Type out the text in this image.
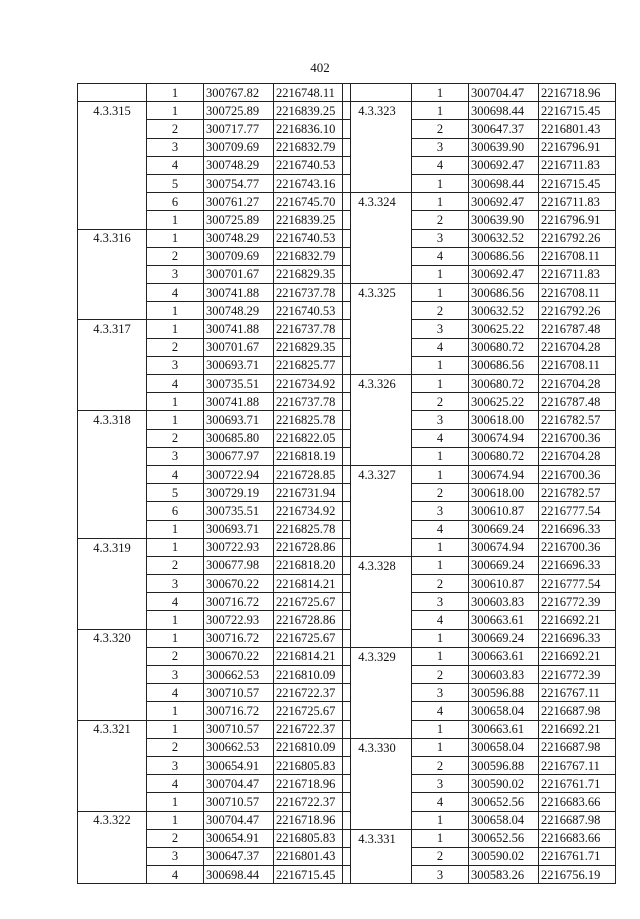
402
	1	300767.82	2216748.11
4.3.315	1	300725.89	2216839.25
	2	300717.77	2216836.10
	3	300709.69	2216832.79
	4	300748.29	2216740.53
	5	300754.77	2216743.16
	6	300761.27	2216745.70
	1	300725.89	2216839.25
4.3.316	1	300748.29	2216740.53
	2	300709.69	2216832.79
	3	300701.67	2216829.35
	4	300741.88	2216737.78
	1	300748.29	2216740.53
4.3.317	1	300741.88	2216737.78
	2	300701.67	2216829.35
	3	300693.71	2216825.77
	4	300735.51	2216734.92
	1	300741.88	2216737.78
4.3.318	1	300693.71	2216825.78
	2	300685.80	2216822.05
	3	300677.97	2216818.19
	4	300722.94	2216728.85
	5	300729.19	2216731.94
	6	300735.51	2216734.92
	1	300693.71	2216825.78
4.3.319	1	300722.93	2216728.86
	2	300677.98	2216818.20
	3	300670.22	2216814.21
	4	300716.72	2216725.67
	1	300722.93	2216728.86
4.3.320	1	300716.72	2216725.67
	2	300670.22	2216814.21
	3	300662.53	2216810.09
	4	300710.57	2216722.37
	1	300716.72	2216725.67
4.3.321	1	300710.57	2216722.37
	2	300662.53	2216810.09
	3	300654.91	2216805.83
	4	300704.47	2216718.96
	1	300710.57	2216722.37
4.3.322	1	300704.47	2216718.96
	2	300654.91	2216805.83
	3	300647.37	2216801.43
	4	300698.44	2216715.45
	1	300704.47	2216718.96
4.3.323	1	300698.44	2216715.45
	2	300647.37	2216801.43
	3	300639.90	2216796.91
	4	300692.47	2216711.83
	1	300698.44	2216715.45
4.3.324	1	300692.47	2216711.83
	2	300639.90	2216796.91
	3	300632.52	2216792.26
	4	300686.56	2216708.11
	1	300692.47	2216711.83
4.3.325	1	300686.56	2216708.11
	2	300632.52	2216792.26
	3	300625.22	2216787.48
	4	300680.72	2216704.28
	1	300686.56	2216708.11
4.3.326	1	300680.72	2216704.28
	2	300625.22	2216787.48
	3	300618.00	2216782.57
	4	300674.94	2216700.36
	1	300680.72	2216704.28
4.3.327	1	300674.94	2216700.36
	2	300618.00	2216782.57
	3	300610.87	2216777.54
	4	300669.24	2216696.33
	1	300674.94	2216700.36
4.3.328	1	300669.24	2216696.33
	2	300610.87	2216777.54
	3	300603.83	2216772.39
	4	300663.61	2216692.21
	1	300669.24	2216696.33
4.3.329	1	300663.61	2216692.21
	2	300603.83	2216772.39
	3	300596.88	2216767.11
	4	300658.04	2216687.98
	1	300663.61	2216692.21
4.3.330	1	300658.04	2216687.98
	2	300596.88	2216767.11
	3	300590.02	2216761.71
	4	300652.56	2216683.66
	1	300658.04	2216687.98
4.3.331	1	300652.56	2216683.66
	2	300590.02	2216761.71
	3	300583.26	2216756.19
